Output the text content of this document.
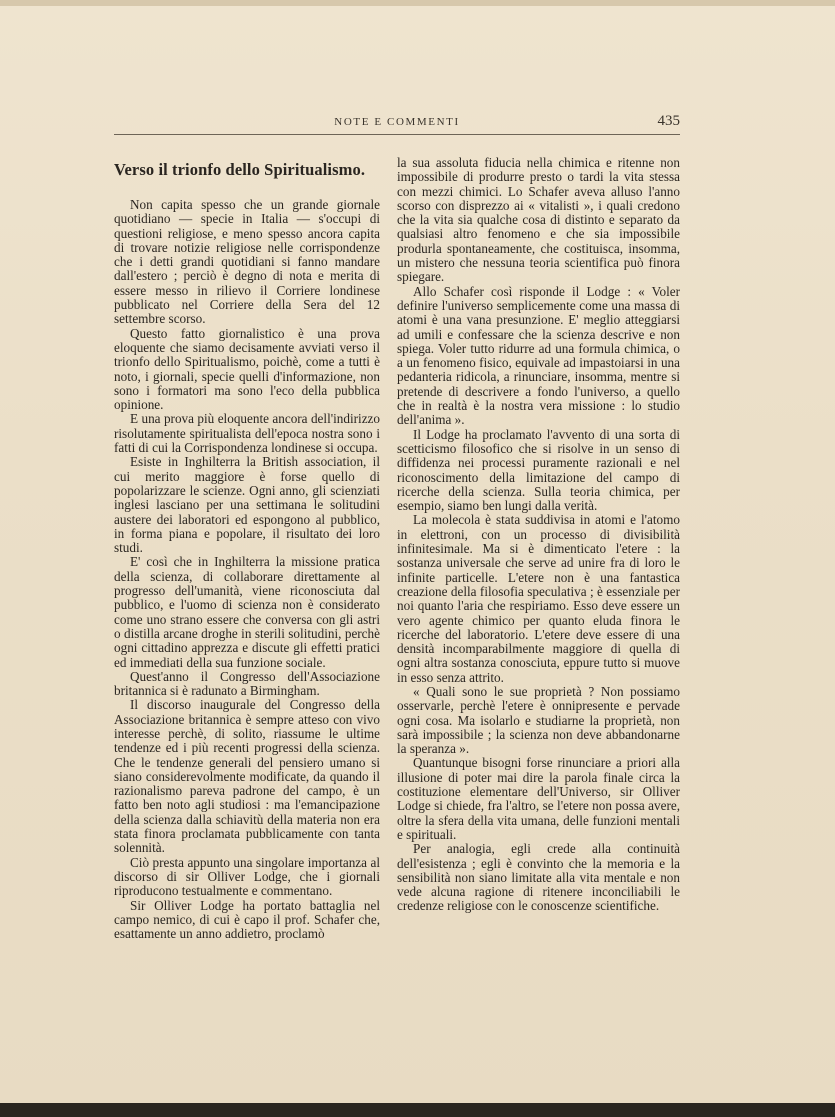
NOTE E COMMENTI	435
Verso il trionfo dello Spiritualismo.

Non capita spesso che un grande giornale quotidiano — specie in Italia — s'occupi di questioni religiose, e meno spesso ancora capita di trovare notizie religiose nelle corrispondenze che i detti grandi quotidiani si fanno mandare dall'estero ; perciò è degno di nota e merita di essere messo in rilievo il Corriere londinese pubblicato nel Corriere della Sera del 12 settembre scorso.

Questo fatto giornalistico è una prova eloquente che siamo decisamente avviati verso il trionfo dello Spiritualismo, poichè, come a tutti è noto, i giornali, specie quelli d'informazione, non sono i formatori ma sono l'eco della pubblica opinione.

E una prova più eloquente ancora dell'indirizzo risolutamente spiritualista dell'epoca nostra sono i fatti di cui la Corrispondenza londinese si occupa.

Esiste in Inghilterra la British association, il cui merito maggiore è forse quello di popolarizzare le scienze. Ogni anno, gli scienziati inglesi lasciano per una settimana le solitudini austere dei laboratori ed espongono al pubblico, in forma piana e popolare, il risultato dei loro studi.

E' così che in Inghilterra la missione pratica della scienza, di collaborare direttamente al progresso dell'umanità, viene riconosciuta dal pubblico, e l'uomo di scienza non è considerato come uno strano essere che conversa con gli astri o distilla arcane droghe in sterili solitudini, perchè ogni cittadino apprezza e discute gli effetti pratici ed immediati della sua funzione sociale.

Quest'anno il Congresso dell'Associazione britannica si è radunato a Birmingham.

Il discorso inaugurale del Congresso della Associazione britannica è sempre atteso con vivo interesse perchè, di solito, riassume le ultime tendenze ed i più recenti progressi della scienza. Che le tendenze generali del pensiero umano si siano considerevolmente modificate, da quando il razionalismo pareva padrone del campo, è un fatto ben noto agli studiosi : ma l'emancipazione della scienza dalla schiavitù della materia non era stata finora proclamata pubblicamente con tanta solennità.

Ciò presta appunto una singolare importanza al discorso di sir Olliver Lodge, che i giornali riproducono testualmente e commentano.

Sir Olliver Lodge ha portato battaglia nel campo nemico, di cui è capo il prof. Schafer che, esattamente un anno addietro, proclamò

la sua assoluta fiducia nella chimica e ritenne non impossibile di produrre presto o tardi la vita stessa con mezzi chimici. Lo Schafer aveva alluso l'anno scorso con disprezzo ai « vitalisti », i quali credono che la vita sia qualche cosa di distinto e separato da qualsiasi altro fenomeno e che sia impossibile produrla spontaneamente, che costituisca, insomma, un mistero che nessuna teoria scientifica può finora spiegare.

Allo Schafer così risponde il Lodge : « Voler definire l'universo semplicemente come una massa di atomi è una vana presunzione. E' meglio atteggiarsi ad umili e confessare che la scienza descrive e non spiega. Voler tutto ridurre ad una formula chimica, o a un fenomeno fisico, equivale ad impastoiarsi in una pedanteria ridicola, a rinunciare, insomma, mentre si pretende di descrivere a fondo l'universo, a quello che in realtà è la nostra vera missione : lo studio dell'anima ».

Il Lodge ha proclamato l'avvento di una sorta di scetticismo filosofico che si risolve in un senso di diffidenza nei processi puramente razionali e nel riconoscimento della limitazione del campo di ricerche della scienza. Sulla teoria chimica, per esempio, siamo ben lungi dalla verità.

La molecola è stata suddivisa in atomi e l'atomo in elettroni, con un processo di divisibilità infinitesimale. Ma si è dimenticato l'etere : la sostanza universale che serve ad unire fra di loro le infinite particelle. L'etere non è una fantastica creazione della filosofia speculativa ; è essenziale per noi quanto l'aria che respiriamo. Esso deve essere un vero agente chimico per quanto eluda finora le ricerche del laboratorio. L'etere deve essere di una densità incomparabilmente maggiore di quella di ogni altra sostanza conosciuta, eppure tutto si muove in esso senza attrito.

« Quali sono le sue proprietà ? Non possiamo osservarle, perchè l'etere è onnipresente e pervade ogni cosa. Ma isolarlo e studiarne la proprietà, non sarà impossibile ; la scienza non deve abbandonarne la speranza ».

Quantunque bisogni forse rinunciare a priori alla illusione di poter mai dire la parola finale circa la costituzione elementare dell'Universo, sir Olliver Lodge si chiede, fra l'altro, se l'etere non possa avere, oltre la sfera della vita umana, delle funzioni mentali e spirituali.

Per analogia, egli crede alla continuità dell'esistenza ; egli è convinto che la memoria e la sensibilità non siano limitate alla vita mentale e non vede alcuna ragione di ritenere inconciliabili le credenze religiose con le conoscenze scientifiche.
